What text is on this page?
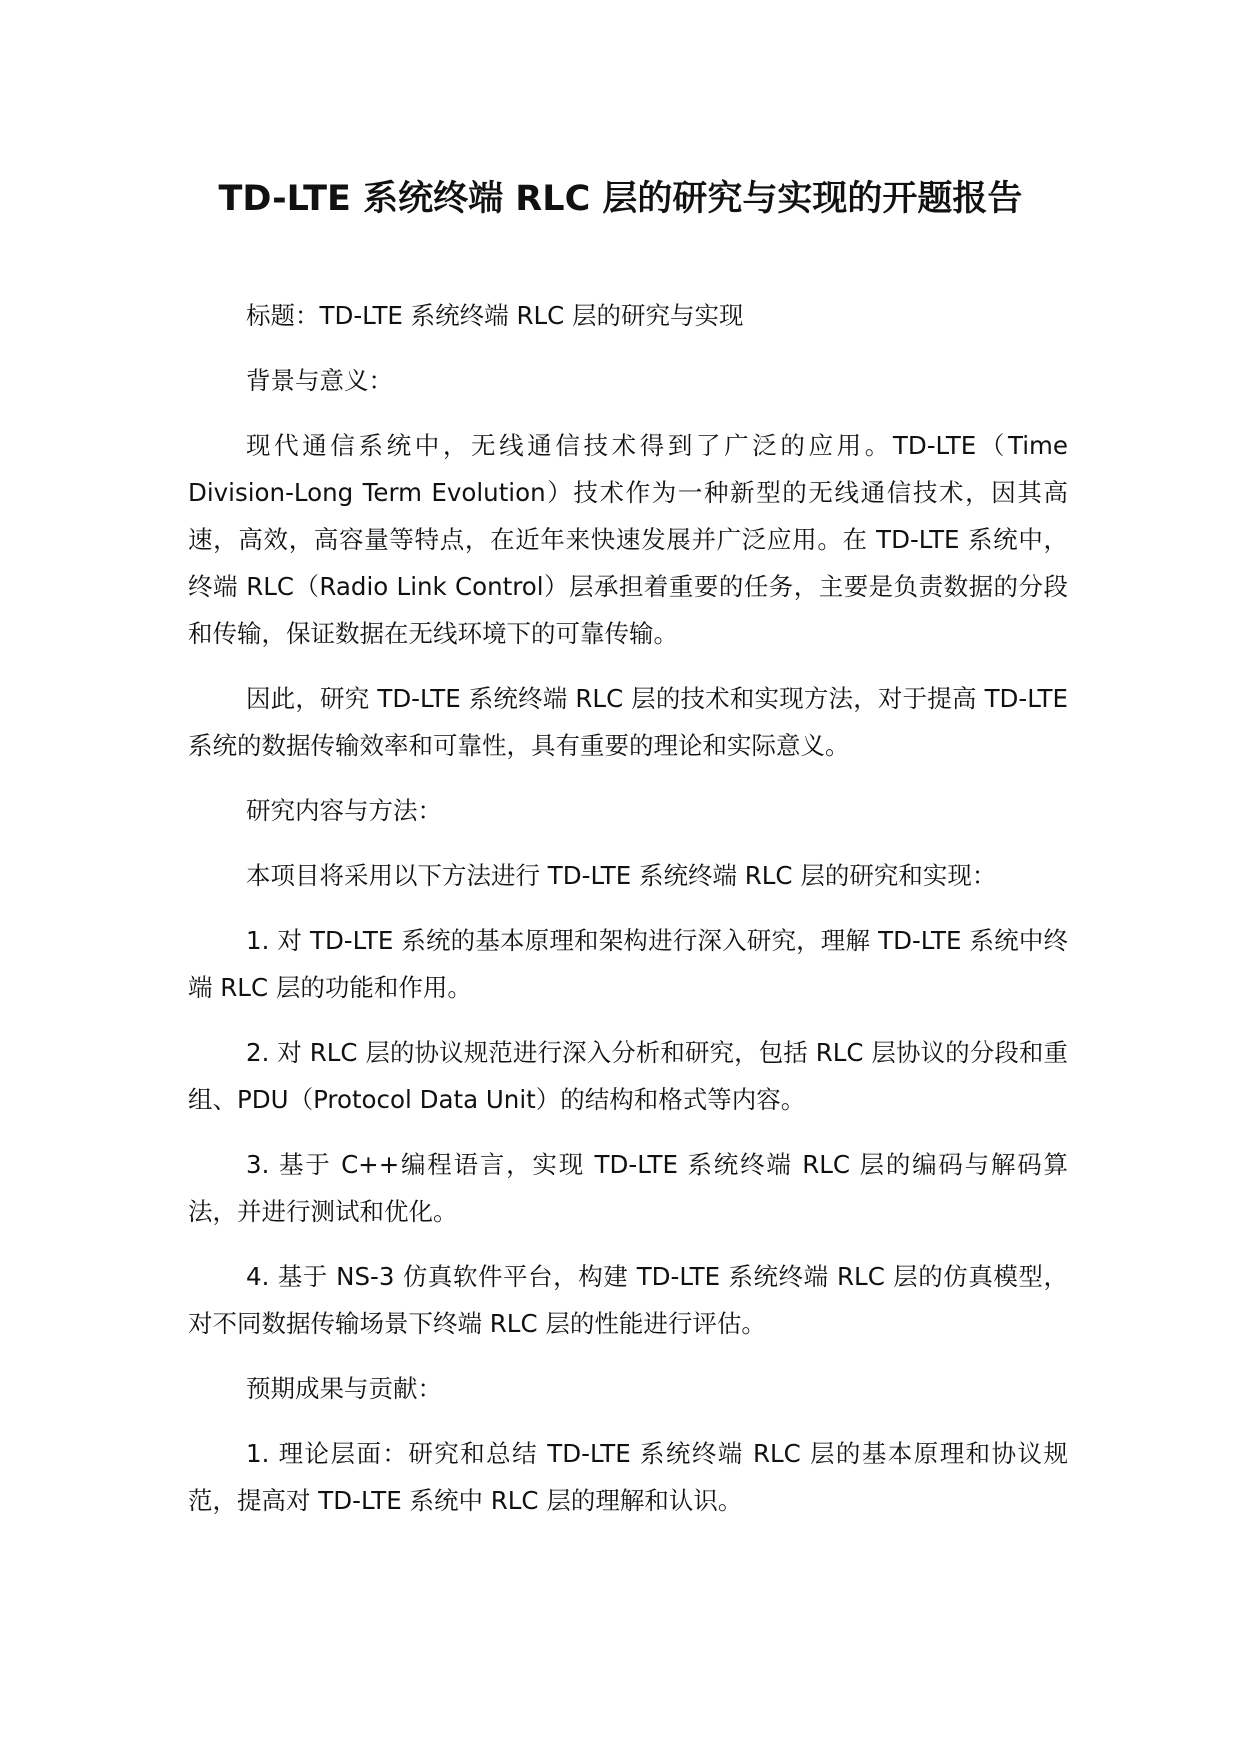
TD-LTE 系统终端 RLC 层的研究与实现的开题报告

标题：TD-LTE 系统终端 RLC 层的研究与实现

背景与意义：

现代通信系统中，无线通信技术得到了广泛的应用。TD-LTE（Time Division-Long Term Evolution）技术作为一种新型的无线通信技术，因其高速，高效，高容量等特点，在近年来快速发展并广泛应用。在 TD-LTE 系统中，终端 RLC（Radio Link Control）层承担着重要的任务，主要是负责数据的分段和传输，保证数据在无线环境下的可靠传输。

因此，研究 TD-LTE 系统终端 RLC 层的技术和实现方法，对于提高 TD-LTE 系统的数据传输效率和可靠性，具有重要的理论和实际意义。

研究内容与方法：

本项目将采用以下方法进行 TD-LTE 系统终端 RLC 层的研究和实现：

1. 对 TD-LTE 系统的基本原理和架构进行深入研究，理解 TD-LTE 系统中终端 RLC 层的功能和作用。

2. 对 RLC 层的协议规范进行深入分析和研究，包括 RLC 层协议的分段和重组、PDU（Protocol Data Unit）的结构和格式等内容。

3. 基于 C++编程语言，实现 TD-LTE 系统终端 RLC 层的编码与解码算法，并进行测试和优化。

4. 基于 NS-3 仿真软件平台，构建 TD-LTE 系统终端 RLC 层的仿真模型，对不同数据传输场景下终端 RLC 层的性能进行评估。

预期成果与贡献：

1. 理论层面：研究和总结 TD-LTE 系统终端 RLC 层的基本原理和协议规范，提高对 TD-LTE 系统中 RLC 层的理解和认识。
